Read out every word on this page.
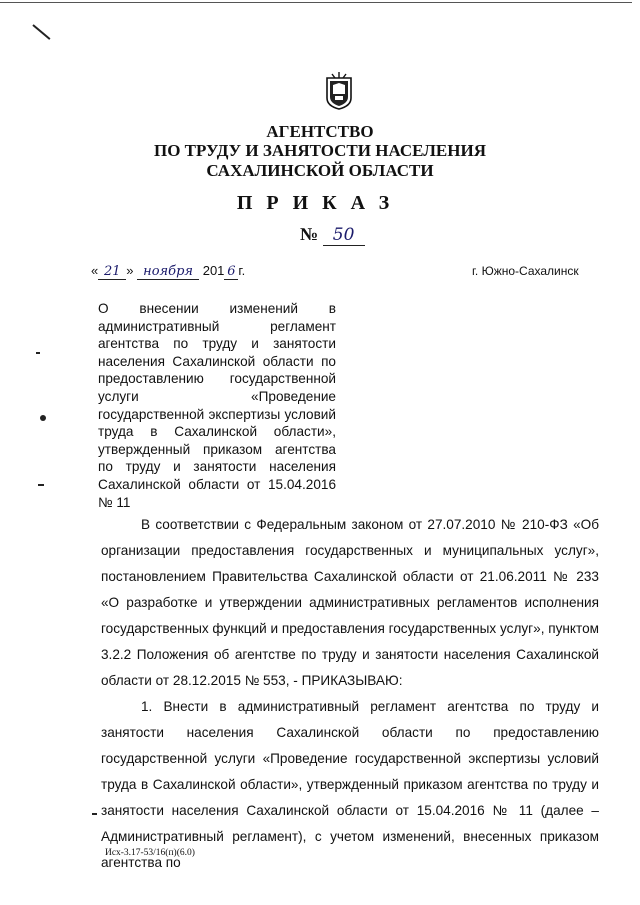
АГЕНТСТВО
ПО ТРУДУ И ЗАНЯТОСТИ НАСЕЛЕНИЯ
САХАЛИНСКОЙ ОБЛАСТИ
ПРИКАЗ
№ 50
« 21 » ноября 201 6 г.	г. Южно-Сахалинск
О внесении изменений в административный регламент агентства по труду и занятости населения Сахалинской области по предоставлению государственной услуги «Проведение государственной экспертизы условий труда в Сахалинской области», утвержденный приказом агентства по труду и занятости населения Сахалинской области от 15.04.2016 № 11

В соответствии с Федеральным законом от 27.07.2010 № 210-ФЗ «Об организации предоставления государственных и муниципальных услуг», постановлением Правительства Сахалинской области от 21.06.2011 № 233 «О разработке и утверждении административных регламентов исполнения государственных функций и предоставления государственных услуг», пунктом 3.2.2 Положения об агентстве по труду и занятости населения Сахалинской области от 28.12.2015 № 553, - ПРИКАЗЫВАЮ:

1. Внести в административный регламент агентства по труду и занятости населения Сахалинской области по предоставлению государственной услуги «Проведение государственной экспертизы условий труда в Сахалинской области», утвержденный приказом агентства по труду и занятости населения Сахалинской области от 15.04.2016 № 11 (далее – Административный регламент), с учетом изменений, внесенных приказом агентства по

Исх-3.17-53/16(п)(6.0)
